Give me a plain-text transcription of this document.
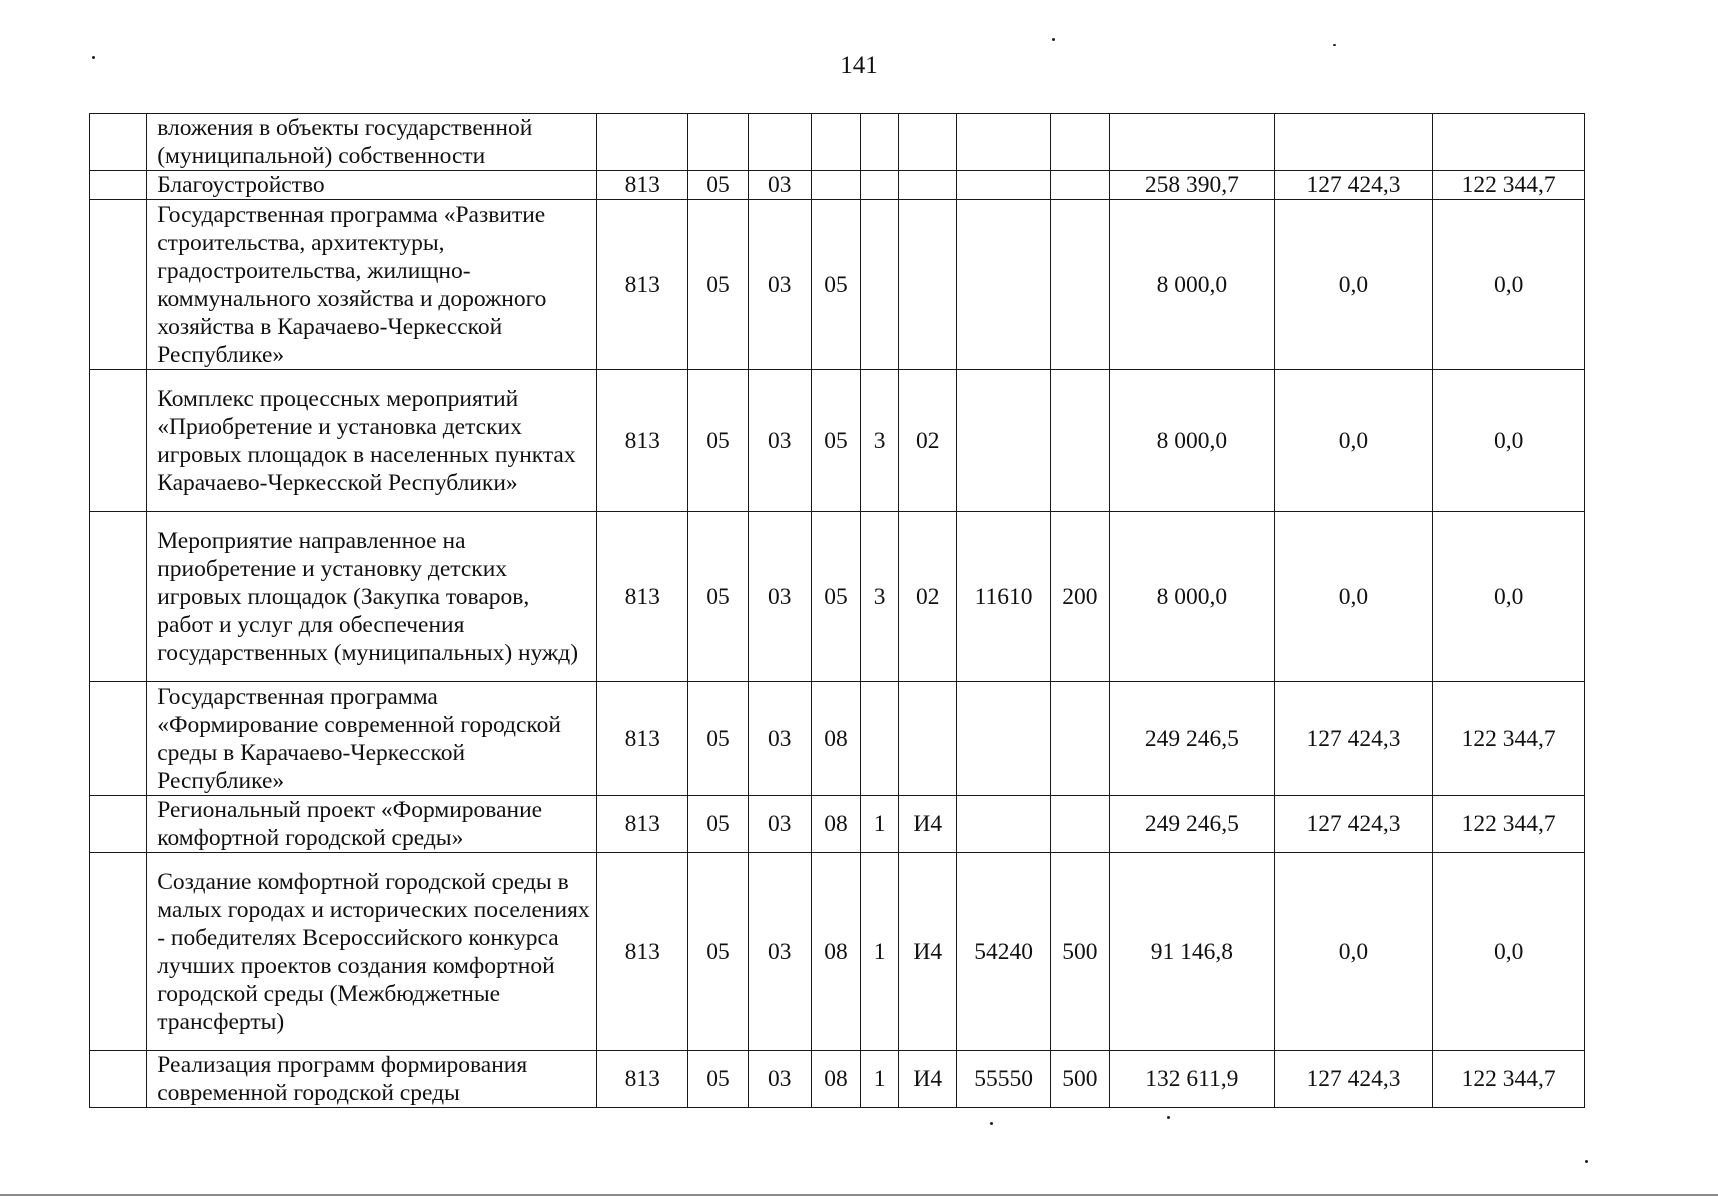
141
	вложения в объекты государственной (муниципальной) собственности											
	Благоустройство	813	05	03						258 390,7	127 424,3	122 344,7
	Государственная программа «Развитие строительства, архитектуры, градостроительства, жилищно-коммунального хозяйства и дорожного хозяйства в Карачаево-Черкесской Республике»	813	05	03	05					8 000,0	0,0	0,0
	Комплекс процессных мероприятий «Приобретение и установка детских игровых площадок в населенных пунктах Карачаево-Черкесской Республики»	813	05	03	05	3	02			8 000,0	0,0	0,0
	Мероприятие направленное на приобретение и установку детских игровых площадок (Закупка товаров, работ и услуг для обеспечения государственных (муниципальных) нужд)	813	05	03	05	3	02	11610	200	8 000,0	0,0	0,0
	Государственная программа «Формирование современной городской среды в Карачаево-Черкесской Республике»	813	05	03	08					249 246,5	127 424,3	122 344,7
	Региональный проект «Формирование комфортной городской среды»	813	05	03	08	1	И4			249 246,5	127 424,3	122 344,7
	Создание комфортной городской среды в малых городах и исторических поселениях - победителях Всероссийского конкурса лучших проектов создания комфортной городской среды (Межбюджетные трансферты)	813	05	03	08	1	И4	54240	500	91 146,8	0,0	0,0
	Реализация программ формирования современной городской среды	813	05	03	08	1	И4	55550	500	132 611,9	127 424,3	122 344,7
